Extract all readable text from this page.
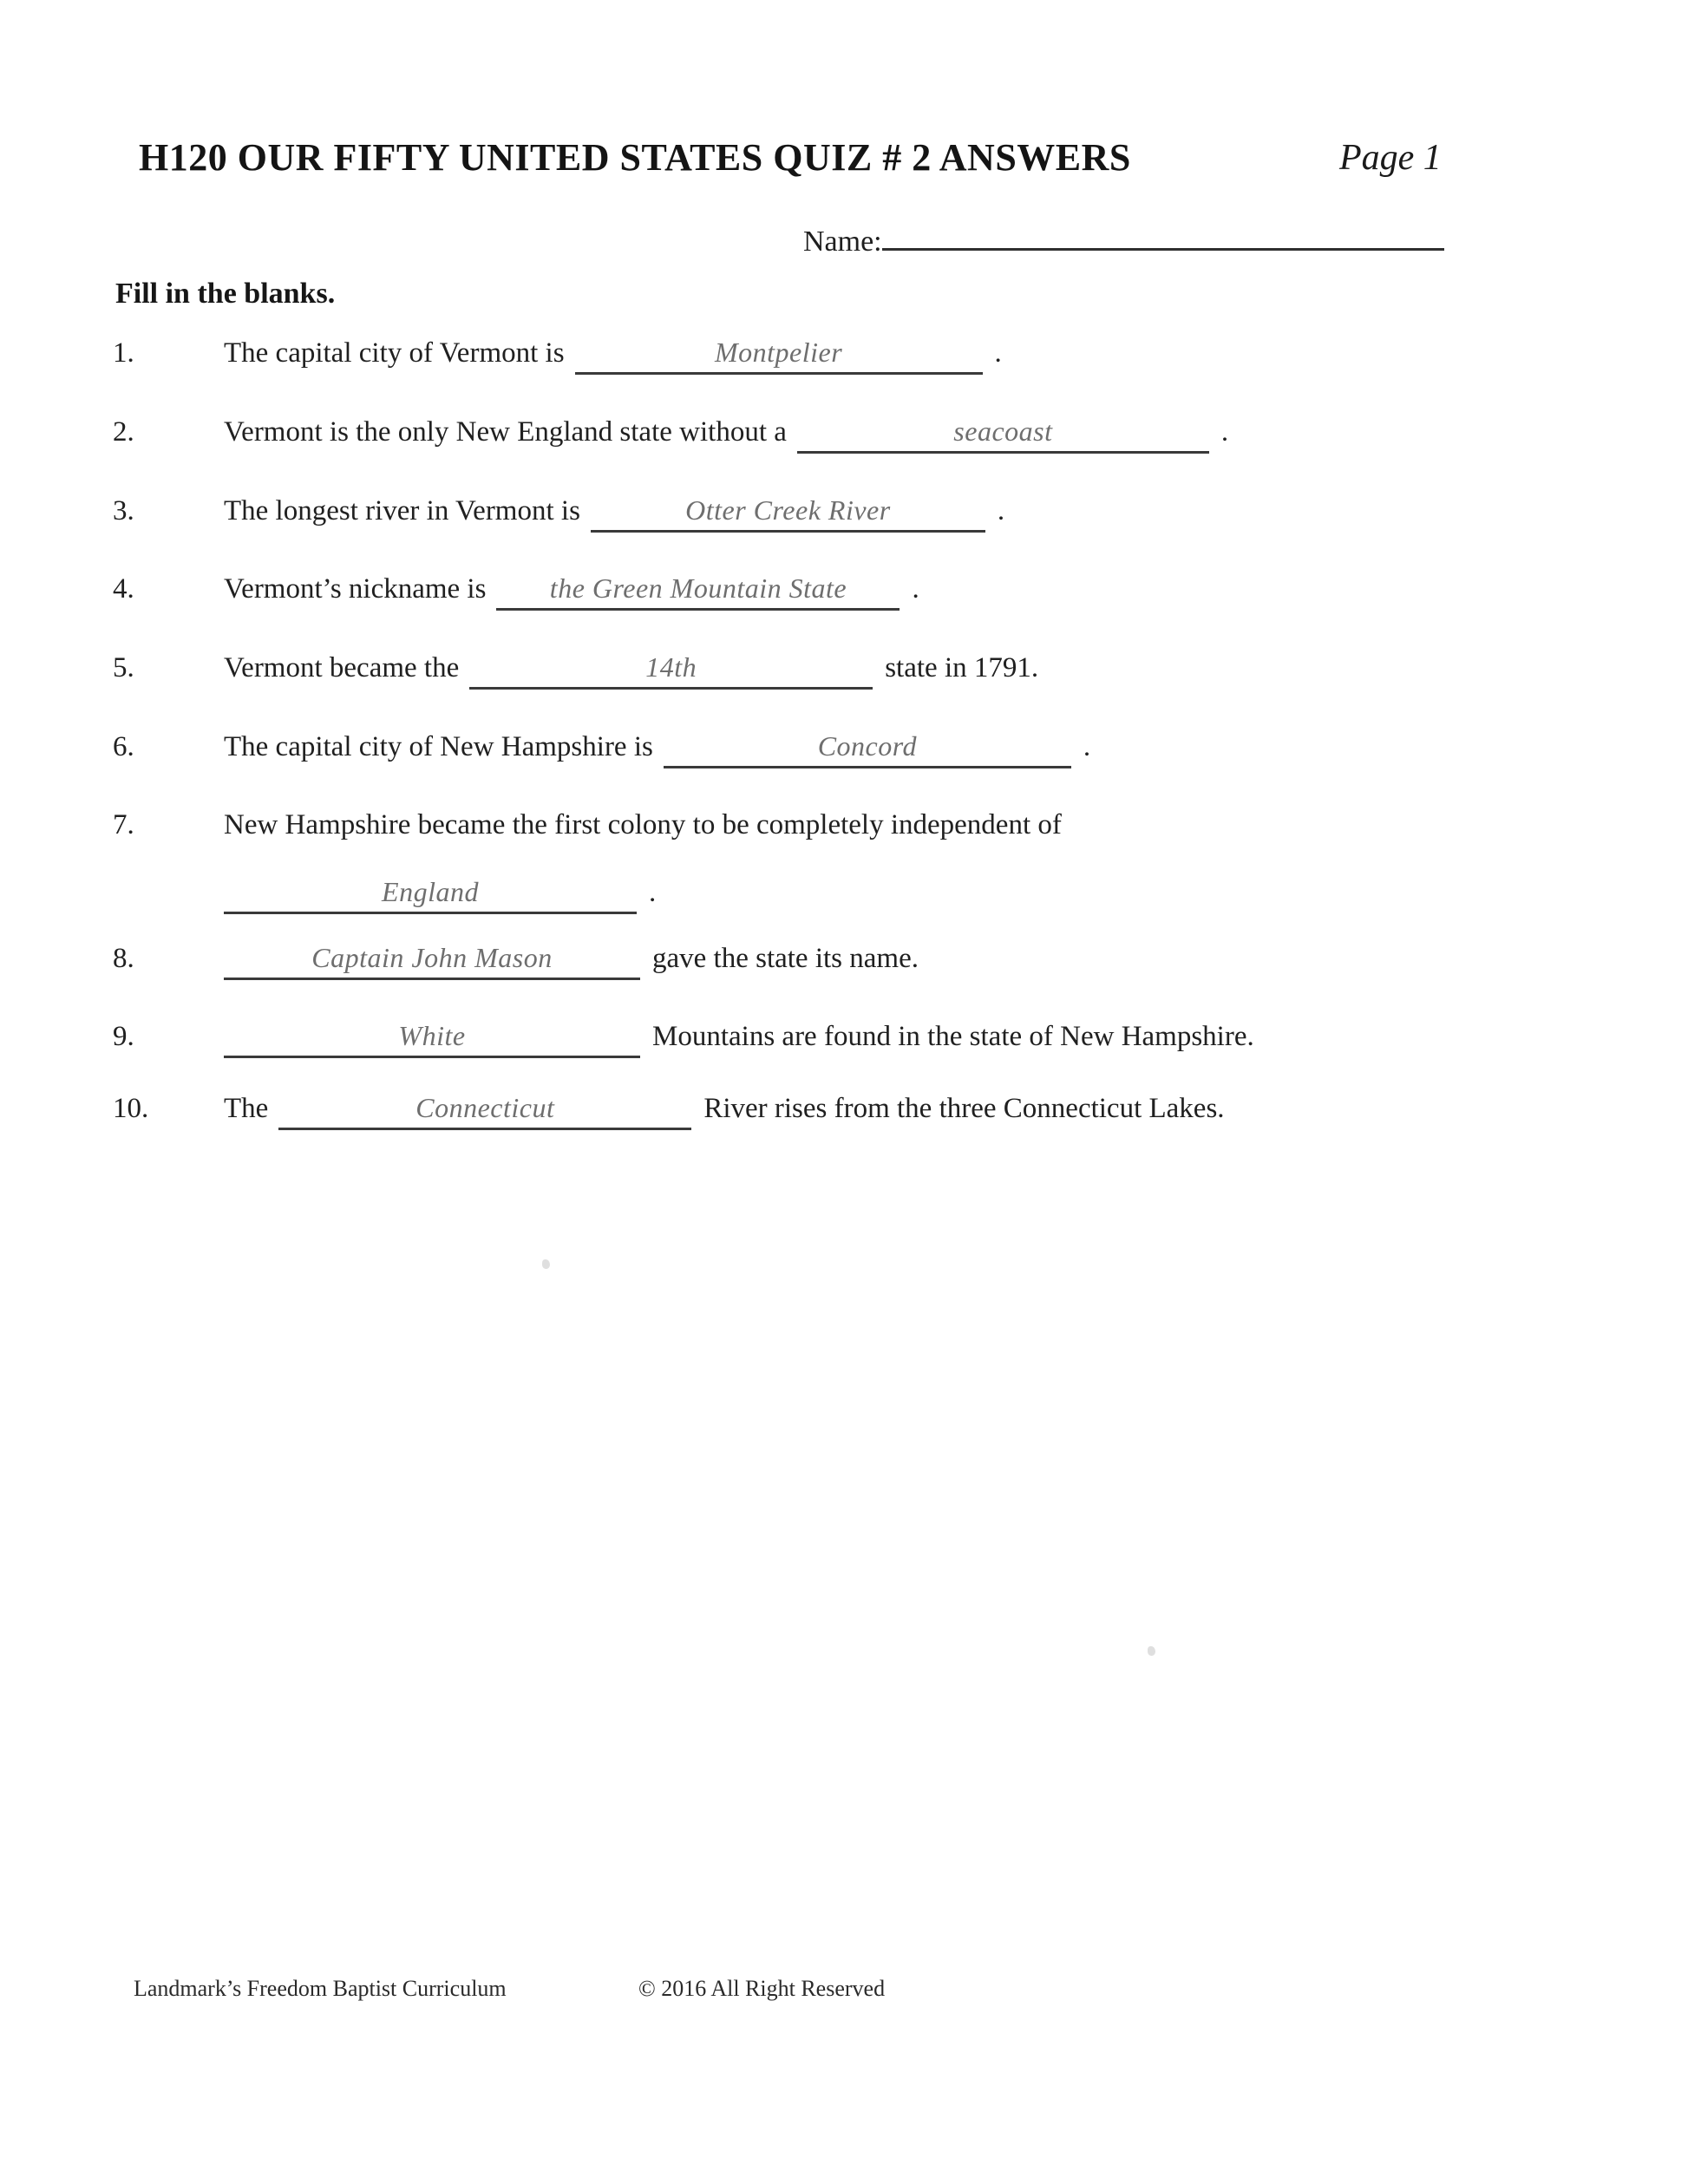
H120 OUR FIFTY UNITED STATES QUIZ # 2 ANSWERS	Page 1
Name:
Fill in the blanks.
1.	The capital city of Vermont is	Montpelier	.
2.	Vermont is the only New England state without a	seacoast	.
3.	The longest river in Vermont is	Otter Creek River	.
4.	Vermont’s nickname is the Green Mountain State .
5.	Vermont became the	14th	state in 1791.
6.	The capital city of New Hampshire is	Concord	.
7.	New Hampshire became the first colony to be completely independent of
England	.
8.	Captain John Mason	gave the state its name.
9.	White	Mountains are found in the state of New Hampshire.
10.	The	Connecticut	River rises from the three Connecticut Lakes.
Landmark’s Freedom Baptist Curriculum	© 2016 All Right Reserved
